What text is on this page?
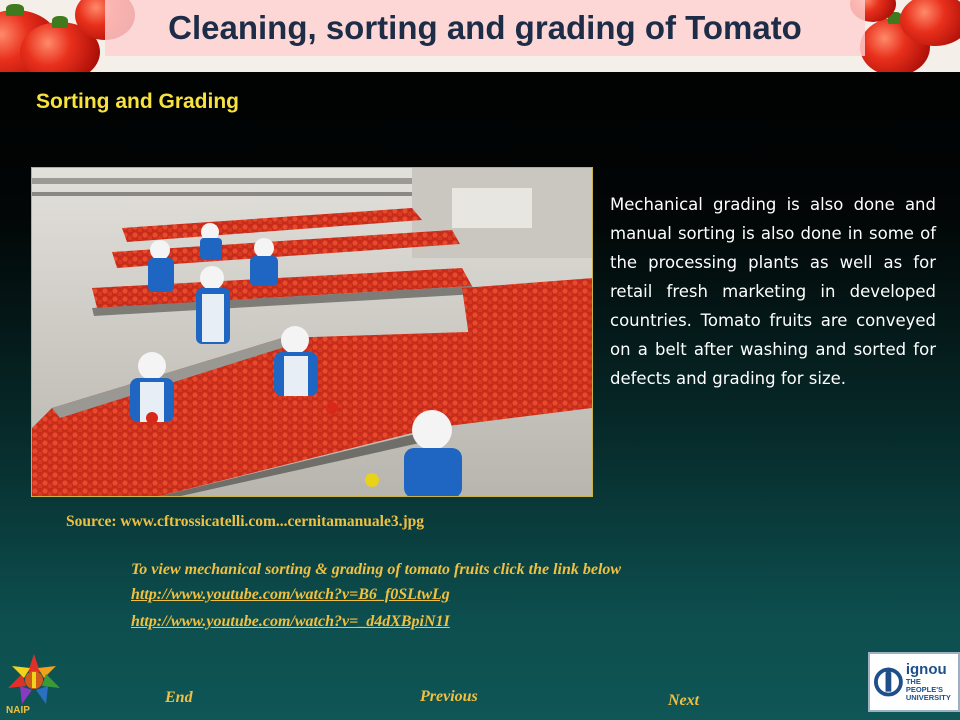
Cleaning, sorting and grading of Tomato
Sorting and Grading
Mechanical grading is also done and manual sorting is also done in some of the processing plants as well as for retail fresh marketing in developed countries. Tomato fruits are conveyed on a belt after washing and sorted for defects and grading for size.
Source: www.cftrossicatelli.com...cernitamanuale3.jpg
To view mechanical sorting & grading of tomato fruits click the link below
http://www.youtube.com/watch?v=B6_f0SLtwLg
http://www.youtube.com/watch?v=_d4dXBpiN1I
NAIP
End	Previous	Next
ignou
THE PEOPLE'S
UNIVERSITY
